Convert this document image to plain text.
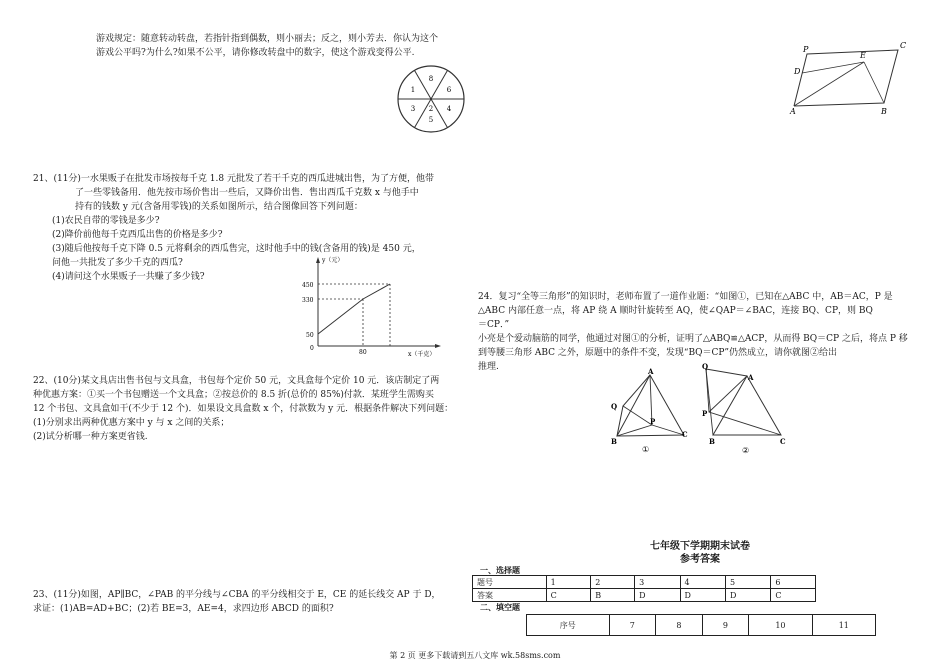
游戏规定：随意转动转盘，若指针指到偶数，则小丽去；反之，则小芳去．你认为这个
游戏公平吗?为什么?如果不公平，请你修改转盘中的数字，使这个游戏变得公平.
8
1	6
3	4
5
2
P
E
C
D
A	B
21、(11分)一水果贩子在批发市场按每千克 1.8 元批发了若干千克的西瓜进城出售，为了方便，他带
了一些零钱备用．他先按市场价售出一些后，又降价出售．售出西瓜千克数 x 与他手中
持有的钱数 y 元(含备用零钱)的关系如图所示，结合图像回答下列问题：
(1)农民自带的零钱是多少?
(2)降价前他每千克西瓜出售的价格是多少?
(3)随后他按每千克下降 0.5 元将剩余的西瓜售完，这时他手中的钱(含备用的钱)是 450 元，
问他一共批发了多少千克的西瓜?
(4)请问这个水果贩子一共赚了多少钱?
y（元）
x（千克）
450
330
50
80
0
22、(10分)某文具店出售书包与文具盒，书包每个定价 50 元，文具盒每个定价 10 元．该店制定了两
种优惠方案：①买一个书包赠送一个文具盒；②按总价的 8.5 折(总价的 85%)付款．某班学生需购买
12 个书包、文具盒如干(不少于 12 个)．如果设文具盒数 x 个，付款数为 y 元．根据条件解决下列问题：
(1)分别求出两种优惠方案中 y 与 x 之间的关系；
(2)试分析哪一种方案更省钱.
23、(11分)如图，AP∥BC，∠PAB 的平分线与∠CBA 的平分线相交于 E，CE 的延长线交 AP 于 D，
求证：(1)AB=AD+BC；(2)若 BE=3，AE=4，求四边形 ABCD 的面积?
24．复习“全等三角形”的知识时，老师布置了一道作业题：“如图①，已知在△ABC 中，AB＝AC，P 是
△ABC 内部任意一点，将 AP 绕 A 顺时针旋转至 AQ，使∠QAP＝∠BAC，连接 BQ、CP，则 BQ
＝CP．”
小亮是个爱动脑筋的同学，他通过对图①的分析，证明了△ABQ≌△ACP，从而得 BQ＝CP 之后，将点 P 移
到等腰三角形 ABC 之外，原题中的条件不变，发现“BQ＝CP”仍然成立，请你就图②给出
推理.	A
Q
P
B
C
①
Q
A
P
B	C
②
七年级下学期期末试卷
参考答案
一、选择题
题号	1	2	3	4	5	6
答案	C	B	D	D	D	C
二、填空题
序号	7	8	9	10	11
第 2 页 更多下载请到五八文库 wk.58sms.com
